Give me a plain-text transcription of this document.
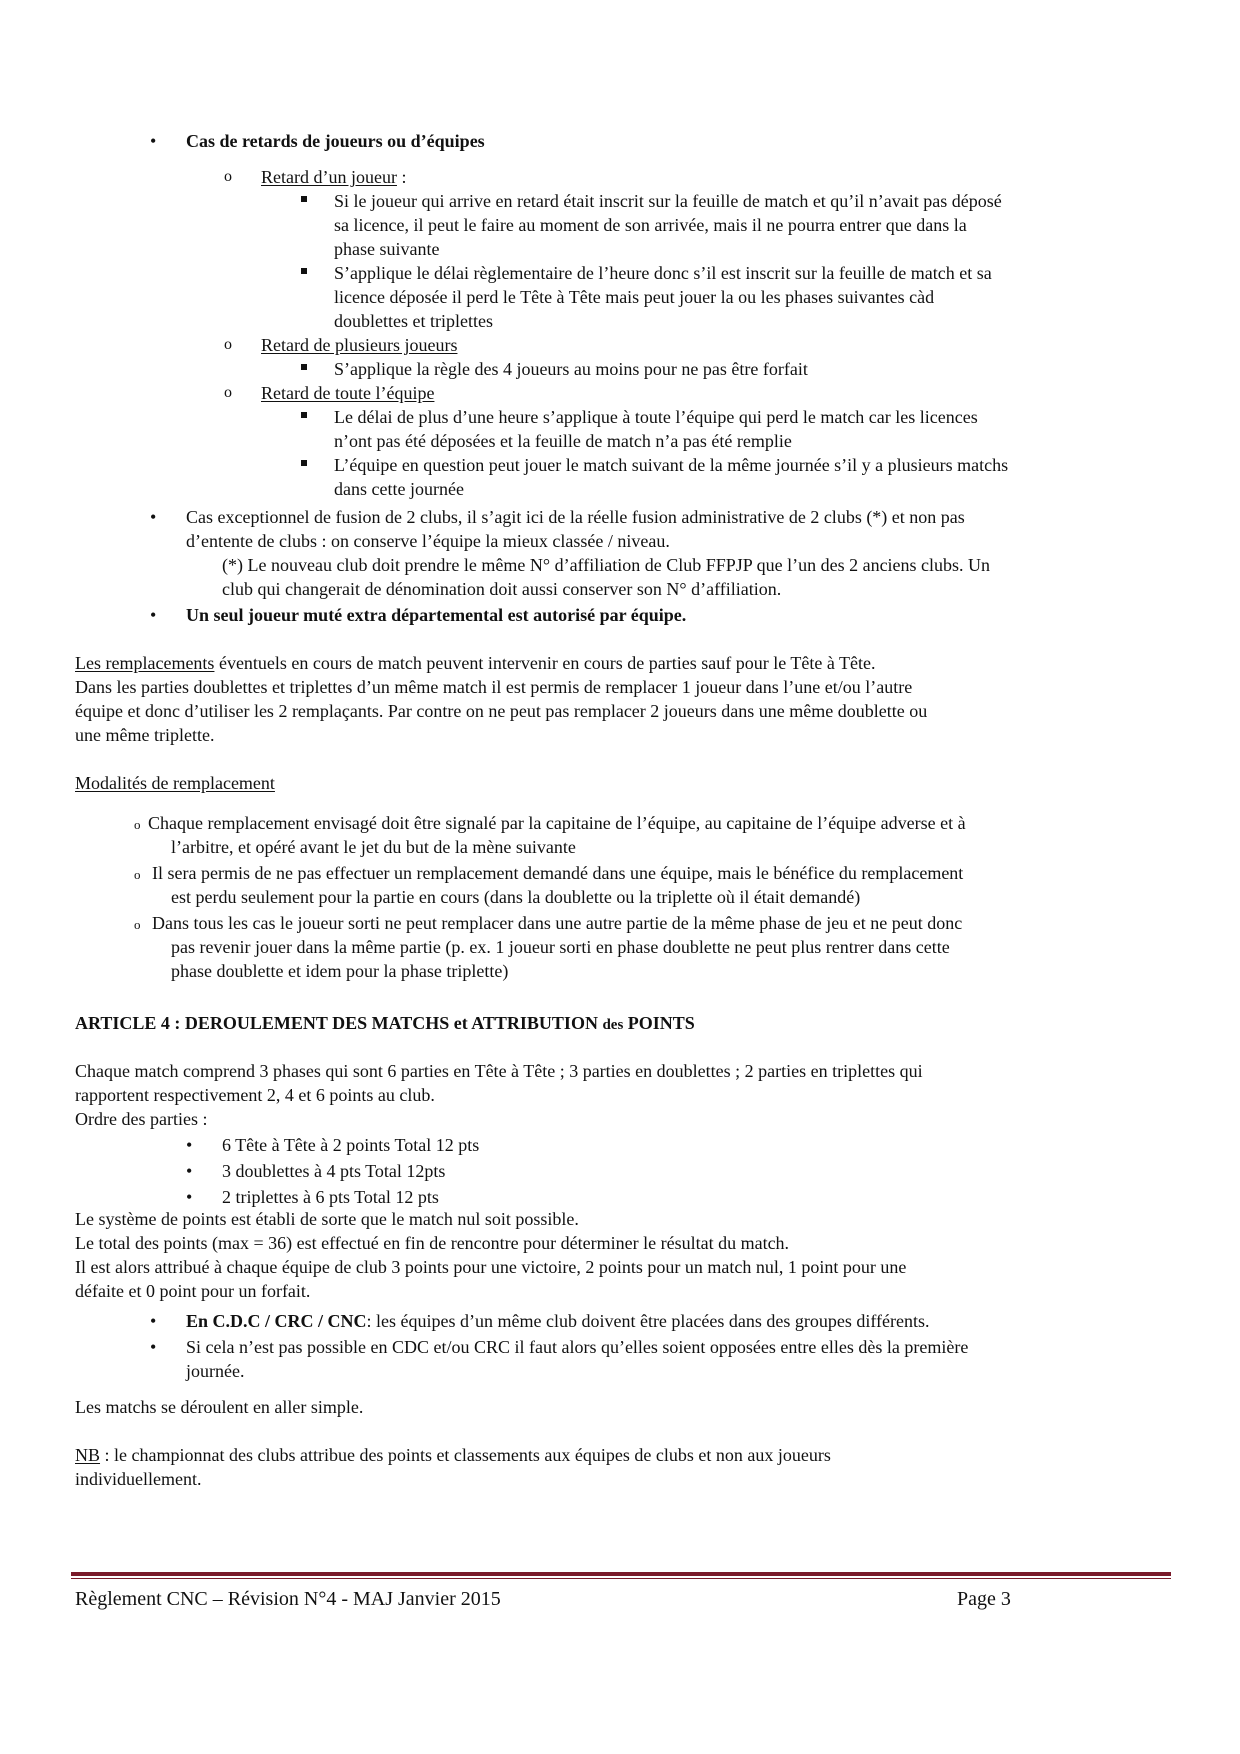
• Cas de retards de joueurs ou d’équipes
o Retard d’un joueur :
Si le joueur qui arrive en retard était inscrit sur la feuille de match et qu’il n’avait pas déposé
sa licence, il peut le faire au moment de son arrivée, mais il ne pourra entrer que dans la
phase suivante
S’applique le délai règlementaire de l’heure donc s’il est inscrit sur la feuille de match et sa
licence déposée il perd le Tête à Tête mais peut jouer la ou les phases suivantes càd
doublettes et triplettes
o Retard de plusieurs joueurs
S’applique la règle des 4 joueurs au moins pour ne pas être forfait
o Retard de toute l’équipe
Le délai de plus d’une heure s’applique à toute l’équipe qui perd le match car les licences
n’ont pas été déposées et la feuille de match n’a pas été remplie
L’équipe en question peut jouer le match suivant de la même journée s’il y a plusieurs matchs
dans cette journée
• Cas exceptionnel de fusion de 2 clubs, il s’agit ici de la réelle fusion administrative de 2 clubs (*) et non pas
d’entente de clubs : on conserve l’équipe la mieux classée / niveau.
(*) Le nouveau club doit prendre le même N° d’affiliation de Club FFPJP que l’un des 2 anciens clubs. Un
club qui changerait de dénomination doit aussi conserver son N° d’affiliation.
• Un seul joueur muté extra départemental est autorisé par équipe.
Les remplacements éventuels en cours de match peuvent intervenir en cours de parties sauf pour le Tête à Tête.
Dans les parties doublettes et triplettes d’un même match il est permis de remplacer 1 joueur dans l’une et/ou l’autre
équipe et donc d’utiliser les 2 remplaçants. Par contre on ne peut pas remplacer 2 joueurs dans une même doublette ou
une même triplette.
Modalités de remplacement
o Chaque remplacement envisagé doit être signalé par la capitaine de l’équipe, au capitaine de l’équipe adverse et à
l’arbitre, et opéré avant le jet du but de la mène suivante
o Il sera permis de ne pas effectuer un remplacement demandé dans une équipe, mais le bénéfice du remplacement
est perdu seulement pour la partie en cours (dans la doublette ou la triplette où il était demandé)
o Dans tous les cas le joueur sorti ne peut remplacer dans une autre partie de la même phase de jeu et ne peut donc
pas revenir jouer dans la même partie (p. ex. 1 joueur sorti en phase doublette ne peut plus rentrer dans cette
phase doublette et idem pour la phase triplette)
ARTICLE 4 : DEROULEMENT DES MATCHS et ATTRIBUTION des POINTS
Chaque match comprend 3 phases qui sont 6 parties en Tête à Tête ; 3 parties en doublettes ; 2 parties en triplettes qui
rapportent respectivement 2, 4 et 6 points au club.
Ordre des parties :
• 6 Tête à Tête à 2 points Total 12 pts
• 3 doublettes à 4 pts Total 12pts
• 2 triplettes à 6 pts Total 12 pts
Le système de points est établi de sorte que le match nul soit possible.
Le total des points (max = 36) est effectué en fin de rencontre pour déterminer le résultat du match.
Il est alors attribué à chaque équipe de club 3 points pour une victoire, 2 points pour un match nul, 1 point pour une
défaite et 0 point pour un forfait.
• En C.D.C / CRC / CNC: les équipes d’un même club doivent être placées dans des groupes différents.
• Si cela n’est pas possible en CDC et/ou CRC il faut alors qu’elles soient opposées entre elles dès la première
journée.
Les matchs se déroulent en aller simple.
NB : le championnat des clubs attribue des points et classements aux équipes de clubs et non aux joueurs
individuellement.
Règlement CNC – Révision N°4 - MAJ Janvier 2015	Page 3
